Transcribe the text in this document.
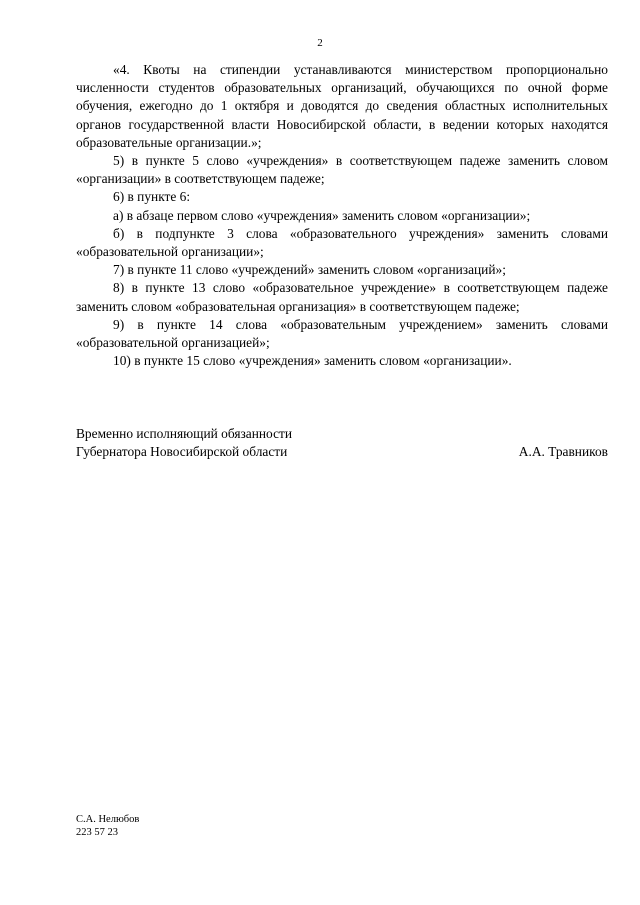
2

«4. Квоты на стипендии устанавливаются министерством пропорционально численности студентов образовательных организаций, обучающихся по очной форме обучения, ежегодно до 1 октября и доводятся до сведения областных исполнительных органов государственной власти Новосибирской области, в ведении которых находятся образовательные организации.»;

5) в пункте 5 слово «учреждения» в соответствующем падеже заменить словом «организации» в соответствующем падеже;

6) в пункте 6:

а) в абзаце первом слово «учреждения» заменить словом «организации»;

б) в подпункте 3 слова «образовательного учреждения» заменить словами «образовательной организации»;

7) в пункте 11 слово «учреждений» заменить словом «организаций»;

8) в пункте 13 слово «образовательное учреждение» в соответствующем падеже заменить словом «образовательная организация» в соответствующем падеже;

9) в пункте 14 слова «образовательным учреждением» заменить словами «образовательной организацией»;

10) в пункте 15 слово «учреждения» заменить словом «организации».

Временно исполняющий обязанности
Губернатора Новосибирской области	А.А. Травников
С.А. Нелюбов
223 57 23
